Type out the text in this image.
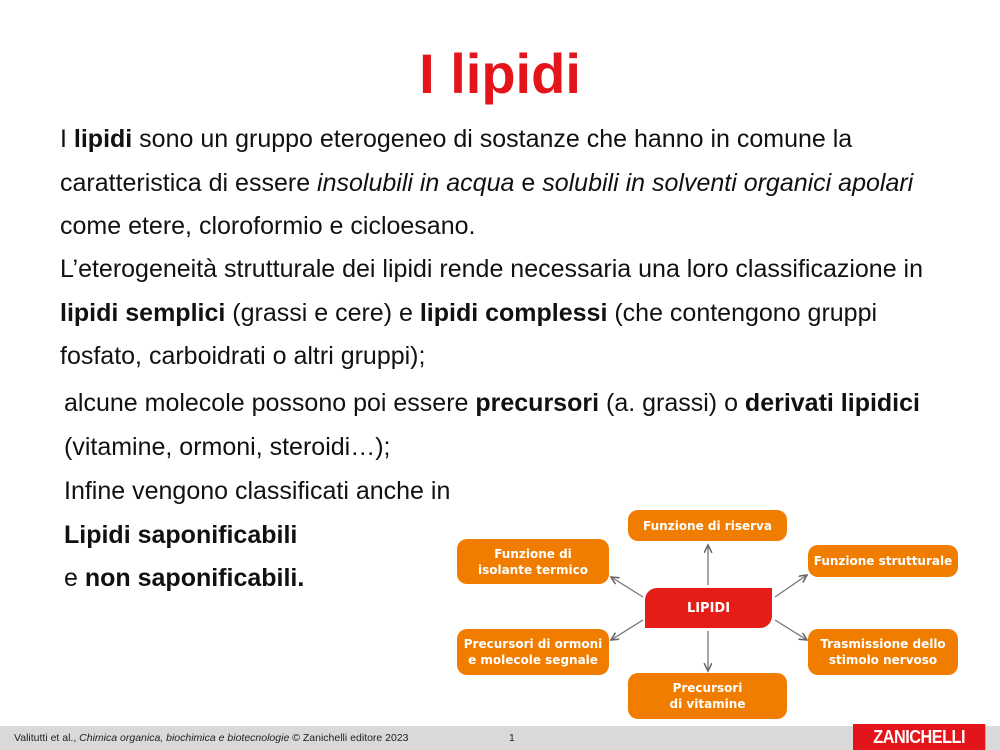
I lipidi
I lipidi sono un gruppo eterogeneo di sostanze che hanno in comune la caratteristica di essere insolubili in acqua e solubili in solventi organici apolari come etere, cloroformio e cicloesano.
L’eterogeneità strutturale dei lipidi rende necessaria una loro classificazione in lipidi semplici (grassi e cere) e lipidi complessi (che contengono gruppi fosfato, carboidrati o altri gruppi);
alcune molecole possono poi essere precursori (a. grassi) o derivati lipidici (vitamine, ormoni, steroidi…);

Infine vengono classificati anche in

Lipidi saponificabili

e non saponificabili.

LIPIDI
Funzione di riserva
Funzione di
isolante termico
Funzione strutturale
Precursori di ormoni
e molecole segnale
Trasmissione dello
stimolo nervoso
Precursori
di vitamine
Valitutti et al., Chimica organica, biochimica e biotecnologie © Zanichelli editore 2023	1	ZANICHELLI
